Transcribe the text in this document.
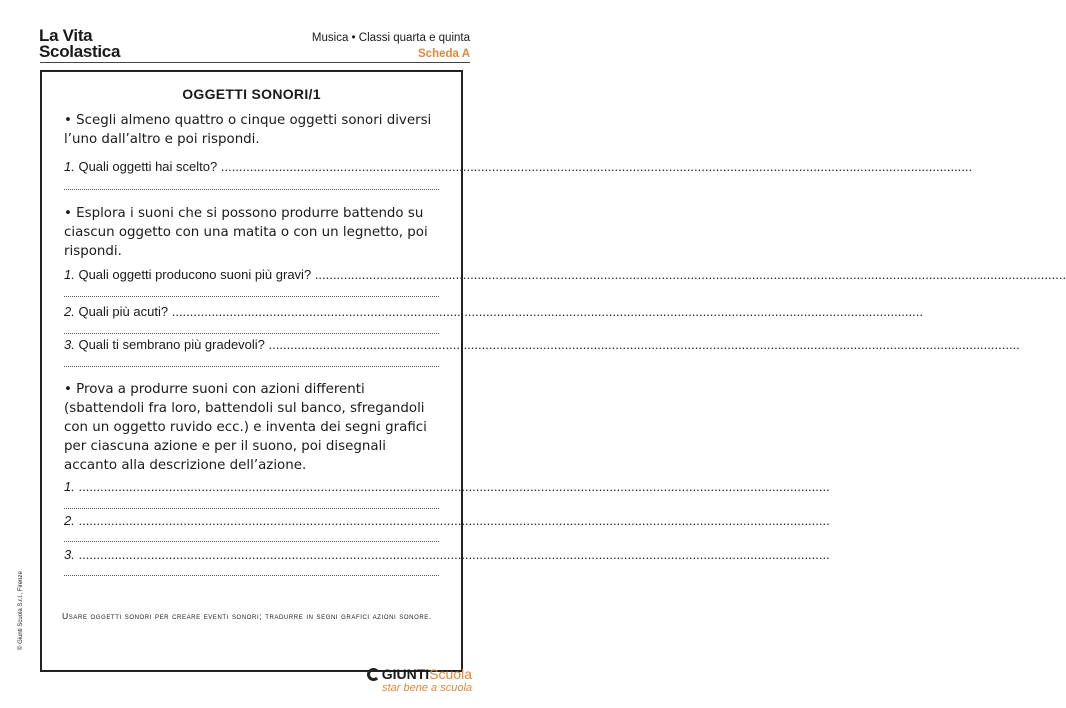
La Vita
Scolastica
Musica • Classi quarta e quinta
Scheda A
OGGETTI SONORI/1
• Scegli almeno quattro o cinque oggetti sonori diversi l’uno dall’altro e poi rispondi.
1. Quali oggetti hai scelto? ................................................................................................................................................................................................................
• Esplora i suoni che si possono produrre battendo su ciascun oggetto con una matita o con un legnetto, poi rispondi.
1. Quali oggetti producono suoni più gravi? ................................................................................................................................................................................................................
2. Quali più acuti? ................................................................................................................................................................................................................
3. Quali ti sembrano più gradevoli? ................................................................................................................................................................................................................
• Prova a produrre suoni con azioni differenti (sbattendoli fra loro, battendoli sul banco, sfregandoli con un oggetto ruvido ecc.) e inventa dei segni grafici per ciascuna azione e per il suono, poi disegnali accanto alla descrizione dell’azione.
1. ................................................................................................................................................................................................................
2. ................................................................................................................................................................................................................
3. ................................................................................................................................................................................................................
Usare oggetti sonori per creare eventi sonori; tradurre in segni grafici azioni sonore.
© Giunti Scuola S.r.l., Firenze
GIUNTIScuola
star bene a scuola
